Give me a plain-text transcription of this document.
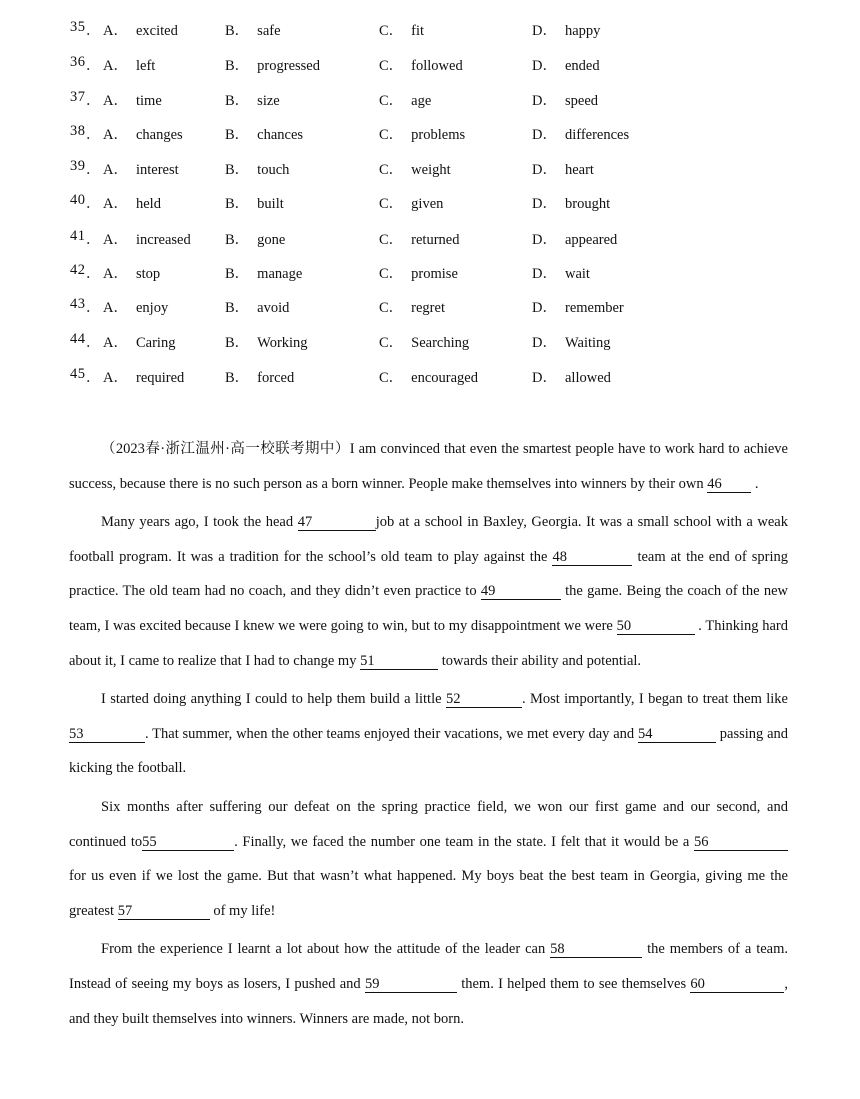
35 ． A． excited	B． safe	C． fit	D． happy
36 ． A． left	B． progressed	C． followed	D． ended
37 ． A． time	B． size	C． age	D． speed
38 ． A． changes	B． chances	C． problems	D． differences
39 ． A． interest	B． touch	C． weight	D． heart
40 ． A． held	B． built	C． given	D． brought
41 ． A． increased B． gone	C． returned	D． appeared
42 ． A． stop	B． manage	C． promise	D． wait
43 ． A． enjoy	B． avoid	C． regret	D． remember
44 ． A． Caring	B． Working	C． Searching	D． Waiting
45 ． A． required	B． forced	C． encouraged	D． allowed

（2023春·浙江温州·高一校联考期中）I am convinced that even the smartest people have to work hard to achieve success, because there is no such person as a born winner. People make themselves into winners by their own 46 .

Many years ago, I took the head 47	job at a school in Baxley, Georgia. It was a small school with a weak football program. It was a tradition for the school’s old team to play against the 48	team at the end of spring practice. The old team had no coach, and they didn’t even practice to 49	the game. Being the coach of the new team, I was excited because I knew we were going to win, but to my disappointment we were 50	. Thinking hard about it, I came to realize that I had to change my 51	towards their ability and potential.

I started doing anything I could to help them build a little 52	. Most importantly, I began to treat them like 53	. That summer, when the other teams enjoyed their vacations, we met every day and 54	passing and kicking the football.

Six months after suffering our defeat on the spring practice field, we won our first game and our second, and continued to55	. Finally, we faced the number one team in the state. I felt that it would be a 56 for us even if we lost the game. But that wasn’t what happened. My boys beat the best team in Georgia, giving me the greatest 57	of my life!

From the experience I learnt a lot about how the attitude of the leader can 58	the members of a team. Instead of seeing my boys as losers, I pushed and 59	them. I helped them to see themselves 60	, and they built themselves into winners. Winners are made, not born.
